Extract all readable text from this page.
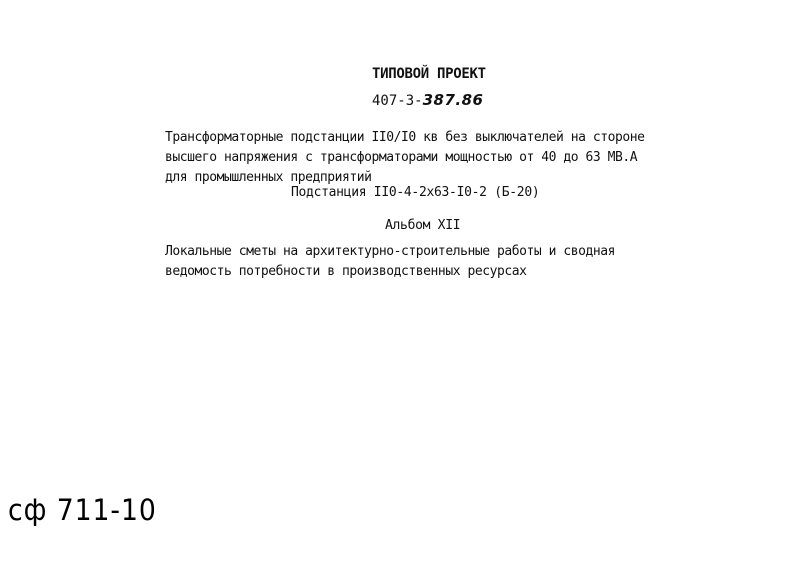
ТИПОВОЙ ПРОЕКТ
407-3-387.86
Трансформаторные подстанции II0/I0 кв без выключателей на стороне
высшего напряжения с трансформаторами мощностью от 40 до 63 МВ.А
для промышленных предприятий
Подстанция II0-4-2x63-I0-2 (Б-20)
Альбом XII
Локальные сметы на архитектурно-строительные работы и сводная
ведомость потребности в производственных ресурсах
сф 711-10
